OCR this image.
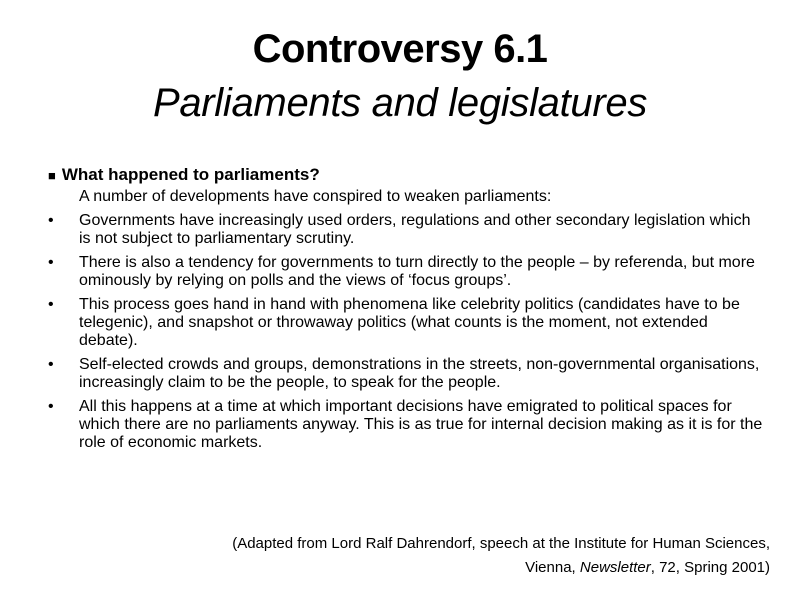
Controversy 6.1
Parliaments and legislatures
■ What happened to parliaments?
A number of developments have conspired to weaken parliaments:
• Governments have increasingly used orders, regulations and other secondary legislation which is not subject to parliamentary scrutiny.
• There is also a tendency for governments to turn directly to the people – by referenda, but more ominously by relying on polls and the views of ‘focus groups’.
• This process goes hand in hand with phenomena like celebrity politics (candidates have to be telegenic), and snapshot or throwaway politics (what counts is the moment, not extended debate).
• Self-elected crowds and groups, demonstrations in the streets, non-governmental organisations, increasingly claim to be the people, to speak for the people.
• All this happens at a time at which important decisions have emigrated to political spaces for which there are no parliaments anyway. This is as true for internal decision making as it is for the role of economic markets.
(Adapted from Lord Ralf Dahrendorf, speech at the Institute for Human Sciences,
Vienna, Newsletter, 72, Spring 2001)
